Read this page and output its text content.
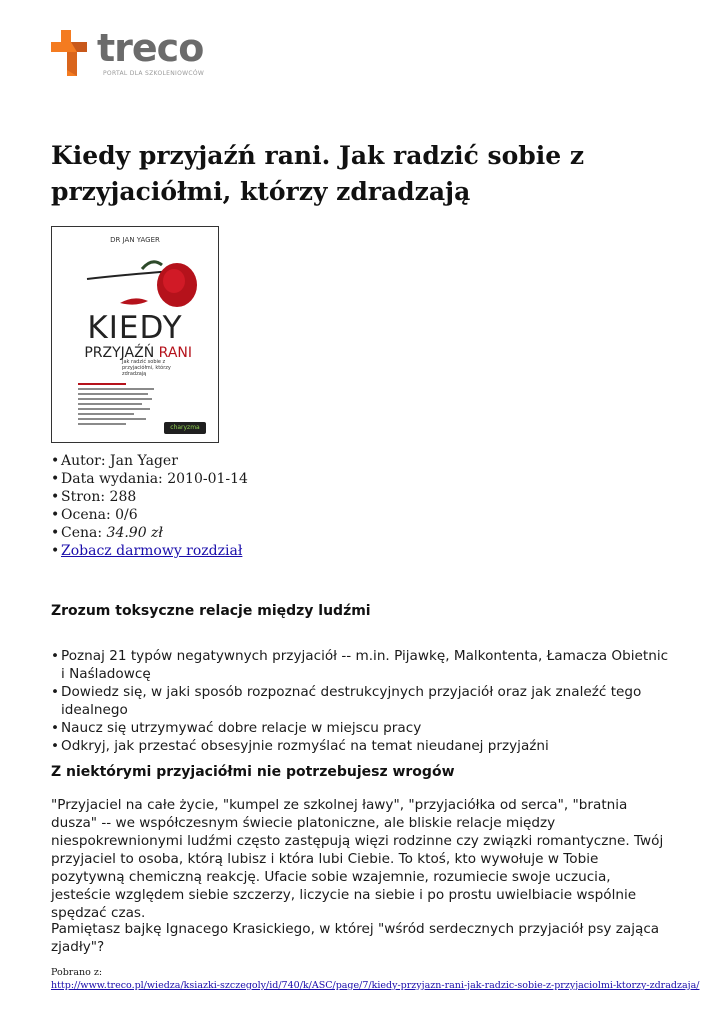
treco
PORTAL DLA SZKOLENIOWCÓW
Kiedy przyjaźń rani. Jak radzić sobie z przyjaciółmi, którzy zdradzają
DR JAN YAGER
KIEDY
PRZYJAŹŃ RANI
Jak radzić sobie z przyjaciółmi, którzy zdradzają
charyzma
• Autor: Jan Yager
• Data wydania: 2010-01-14
• Stron: 288
• Ocena: 0/6
• Cena: 34.90 zł
• Zobacz darmowy rozdział
Zrozum toksyczne relacje między ludźmi
• Poznaj 21 typów negatywnych przyjaciół -- m.in. Pijawkę, Malkontenta, Łamacza Obietnic i Naśladowcę
• Dowiedz się, w jaki sposób rozpoznać destrukcyjnych przyjaciół oraz jak znaleźć tego idealnego
• Naucz się utrzymywać dobre relacje w miejscu pracy
• Odkryj, jak przestać obsesyjnie rozmyślać na temat nieudanej przyjaźni
Z niektórymi przyjaciółmi nie potrzebujesz wrogów

"Przyjaciel na całe życie, "kumpel ze szkolnej ławy", "przyjaciółka od serca", "bratnia dusza" -- we współczesnym świecie platoniczne, ale bliskie relacje między niespokrewnionymi ludźmi często zastępują więzi rodzinne czy związki romantyczne. Twój przyjaciel to osoba, którą lubisz i która lubi Ciebie. To ktoś, kto wywołuje w Tobie pozytywną chemiczną reakcję. Ufacie sobie wzajemnie, rozumiecie swoje uczucia, jesteście względem siebie szczerzy, liczycie na siebie i po prostu uwielbiacie wspólnie spędzać czas.

Pamiętasz bajkę Ignacego Krasickiego, w której "wśród serdecznych przyjaciół psy zająca zjadły"?

Pobrano z:
http://www.treco.pl/wiedza/ksiazki-szczegoly/id/740/k/ASC/page/7/kiedy-przyjazn-rani-jak-radzic-sobie-z-przyjaciolmi-ktorzy-zdradzaja/
